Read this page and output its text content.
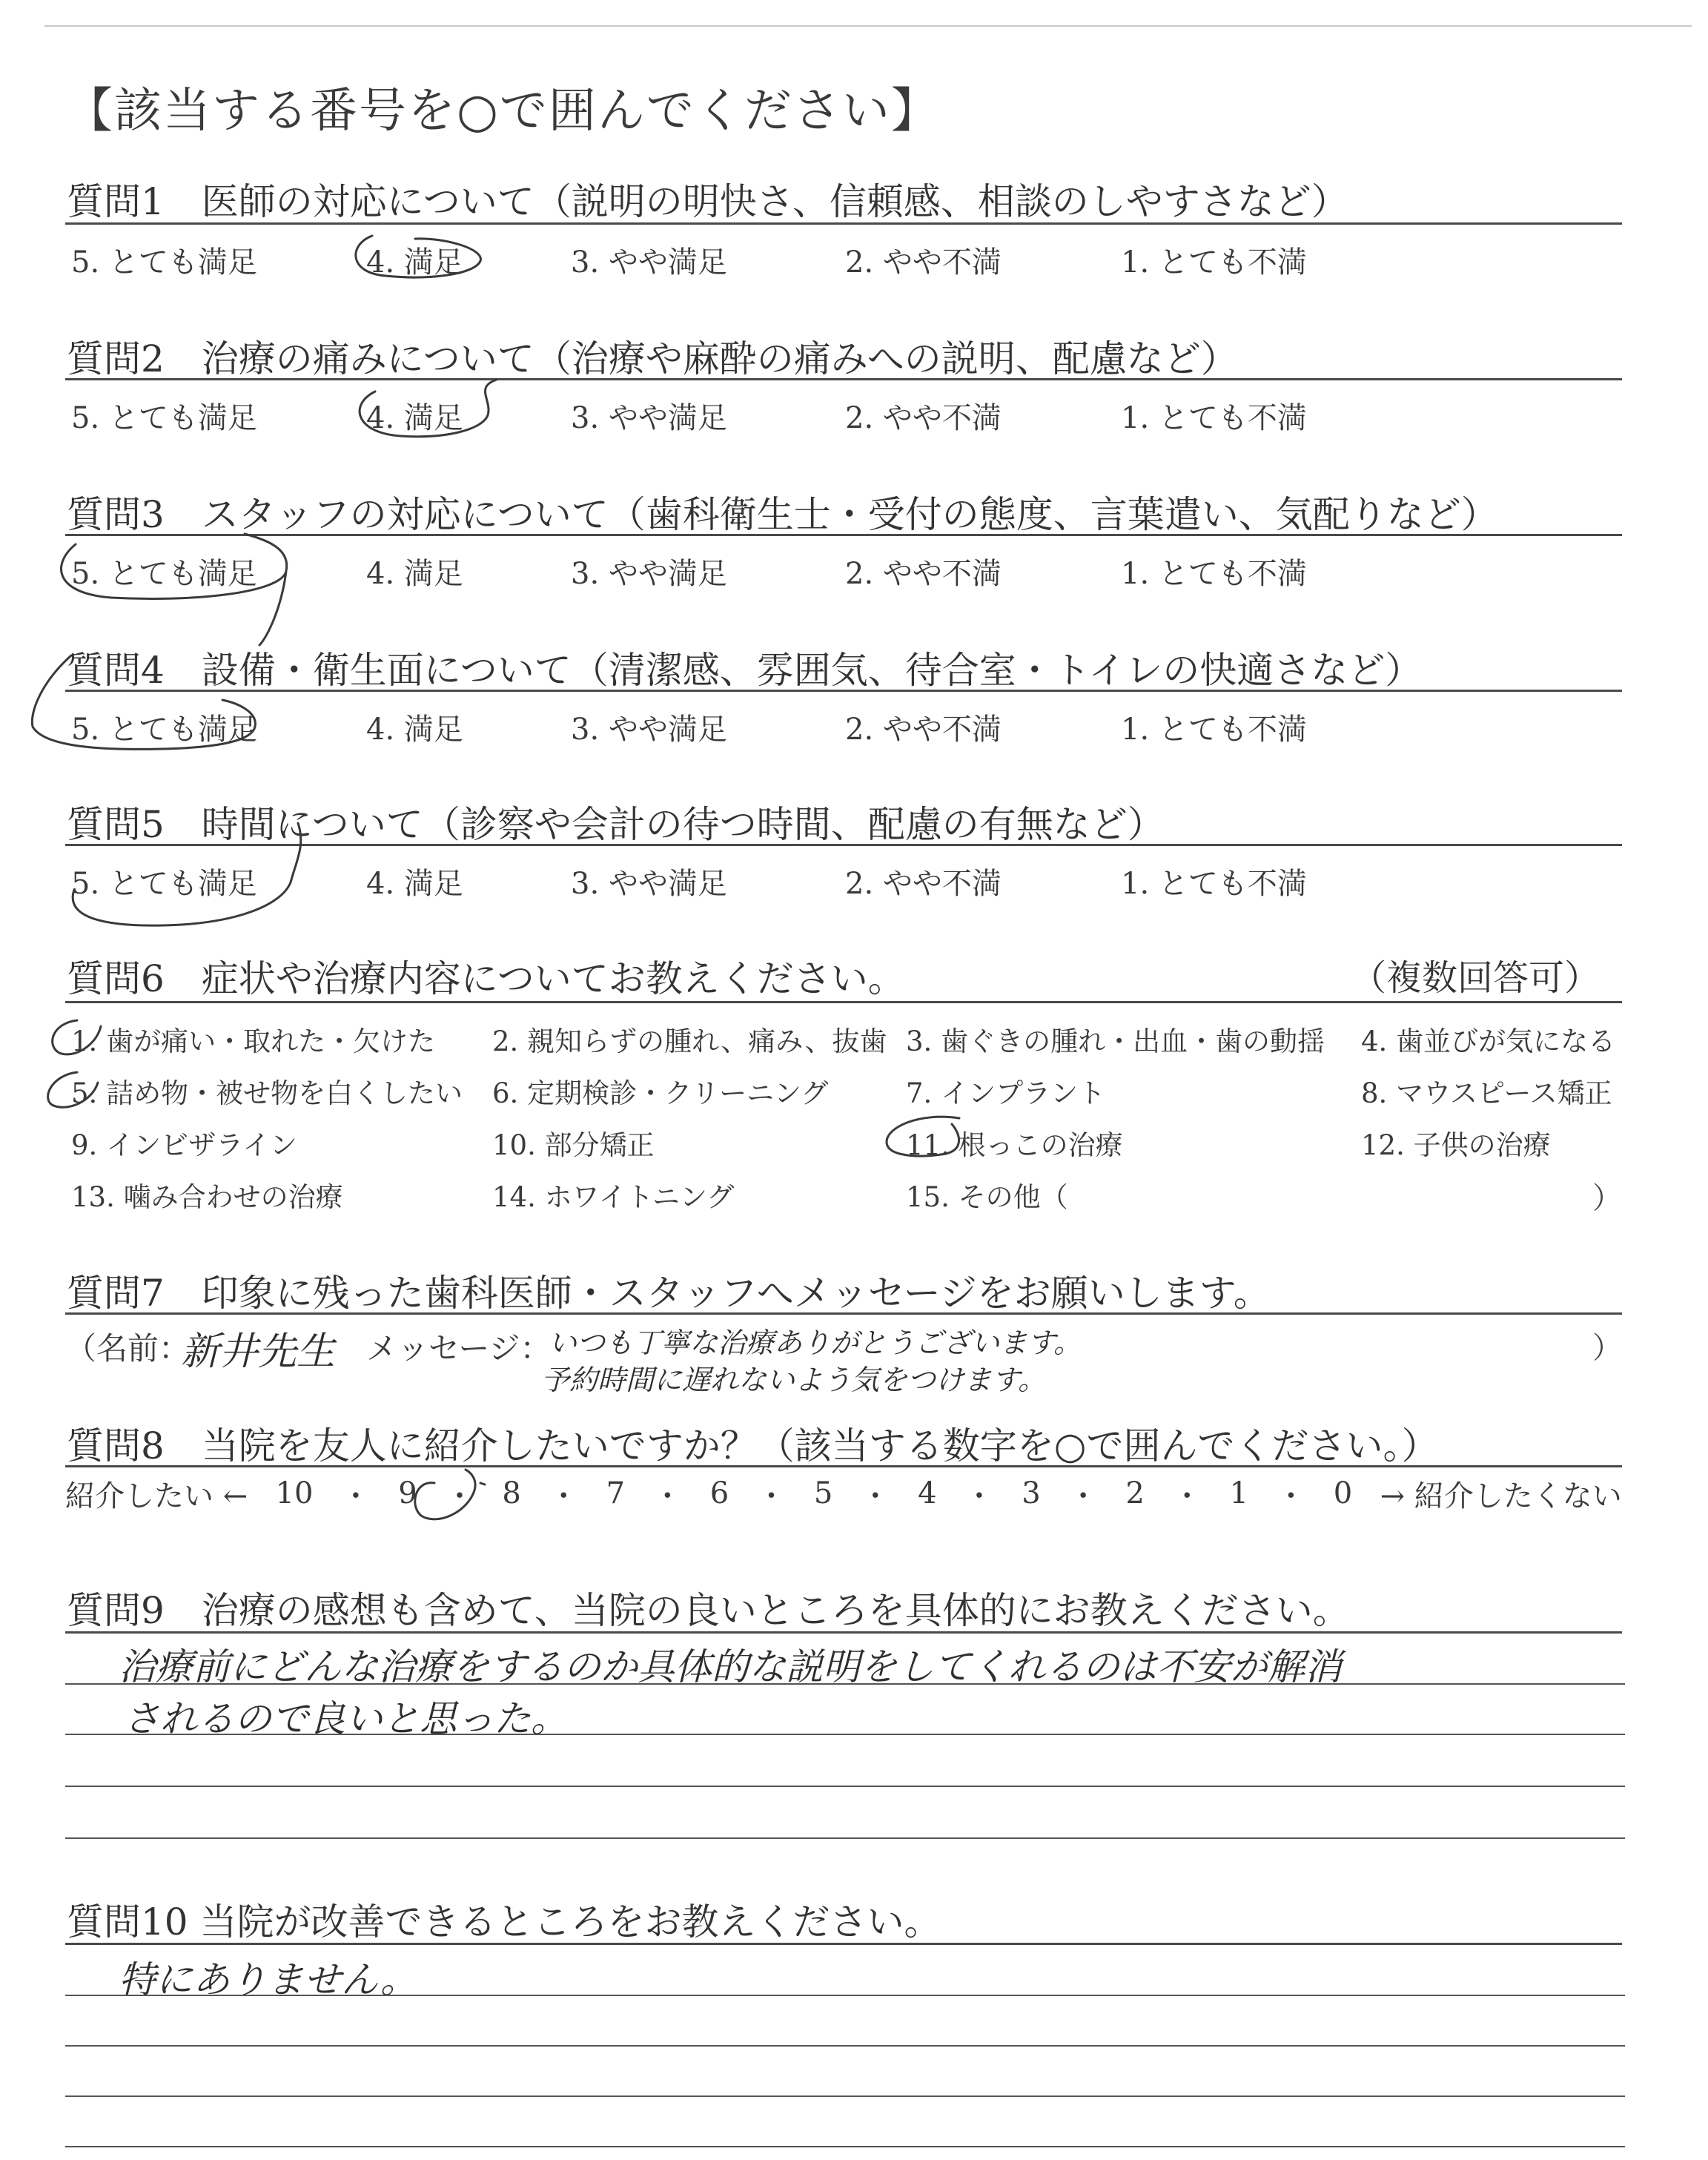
【該当する番号を○で囲んでください】
質問1　医師の対応について（説明の明快さ、信頼感、相談のしやすさなど）
5. とても満足	4. 満足	3. やや満足	2. やや不満	1. とても不満
質問2　治療の痛みについて（治療や麻酔の痛みへの説明、配慮など）
5. とても満足	4. 満足	3. やや満足	2. やや不満	1. とても不満
質問3　スタッフの対応について（歯科衛生士・受付の態度、言葉遣い、気配りなど）
5. とても満足	4. 満足	3. やや満足	2. やや不満	1. とても不満
質問4　設備・衛生面について（清潔感、雰囲気、待合室・トイレの快適さなど）
5. とても満足	4. 満足	3. やや満足	2. やや不満	1. とても不満
質問5　時間について（診察や会計の待つ時間、配慮の有無など）
5. とても満足	4. 満足	3. やや満足	2. やや不満	1. とても不満
質問6　症状や治療内容についてお教えください。	（複数回答可）
1. 歯が痛い・取れた・欠けた 2. 親知らずの腫れ、痛み、抜歯 3. 歯ぐきの腫れ・出血・歯の動揺 4. 歯並びが気になる
5. 詰め物・被せ物を白くしたい 6. 定期検診・クリーニング	7. インプラント	8. マウスピース矯正
9. インビザライン	10. 部分矯正	11. 根っこの治療	12. 子供の治療
13. 噛み合わせの治療	14. ホワイトニング	15. その他（	）
質問7　印象に残った歯科医師・スタッフへメッセージをお願いします。
（名前：
新井先生 メッセージ：
いつも丁寧な治療ありがとうございます。
予約時間に遅れないよう気をつけます。
）
質問8　当院を友人に紹介したいですか？（該当する数字を○で囲んでください。）
紹介したい ← 10 ・ 9 ・ 8 ・ 7 ・ 6 ・ 5 ・ 4 ・ 3 ・ 2 ・ 1 ・ 0 → 紹介したくない
質問9　治療の感想も含めて、当院の良いところを具体的にお教えください。
治療前にどんな治療をするのか具体的な説明をしてくれるのは不安が解消
されるので良いと思った。
質問10 当院が改善できるところをお教えください。
特にありません。
